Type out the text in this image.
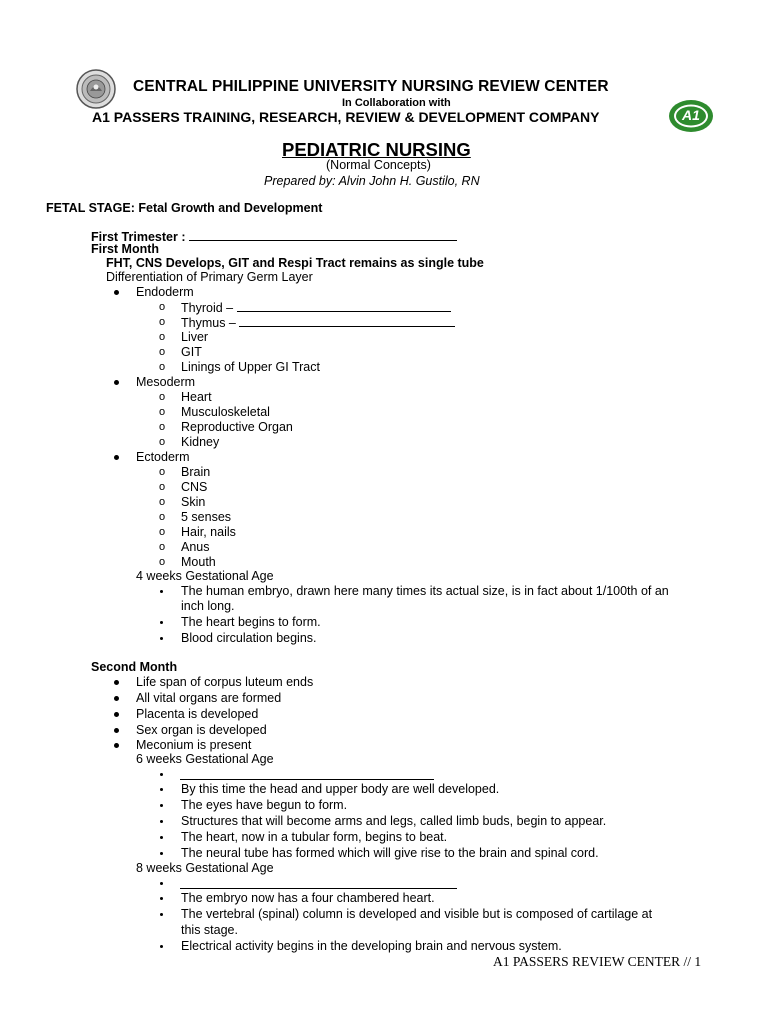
CENTRAL PHILIPPINE UNIVERSITY NURSING REVIEW CENTER
In Collaboration with
A1 PASSERS TRAINING, RESEARCH, REVIEW & DEVELOPMENT COMPANY	A1
PEDIATRIC NURSING
(Normal Concepts)
Prepared by: Alvin John H. Gustilo, RN
FETAL STAGE: Fetal Growth and Development
First Trimester :
First Month
FHT, CNS Develops, GIT and Respi Tract remains as single tube
Differentiation of Primary Germ Layer
Endoderm
o Thyroid –
o Thymus –
o Liver
o GIT
o Linings of Upper GI Tract
Mesoderm
o Heart
o Musculoskeletal
o Reproductive Organ
o Kidney
Ectoderm
o Brain
o CNS
o Skin
o 5 senses
o Hair, nails
o Anus
o Mouth
4 weeks Gestational Age
The human embryo, drawn here many times its actual size, is in fact about 1/100th of an
inch long.
The heart begins to form.
Blood circulation begins.
Second Month
Life span of corpus luteum ends
All vital organs are formed
Placenta is developed
Sex organ is developed
Meconium is present
6 weeks Gestational Age
By this time the head and upper body are well developed.
The eyes have begun to form.
Structures that will become arms and legs, called limb buds, begin to appear.
The heart, now in a tubular form, begins to beat.
The neural tube has formed which will give rise to the brain and spinal cord.
8 weeks Gestational Age
The embryo now has a four chambered heart.
The vertebral (spinal) column is developed and visible but is composed of cartilage at
this stage.
Electrical activity begins in the developing brain and nervous system.
A1 PASSERS REVIEW CENTER // 1
